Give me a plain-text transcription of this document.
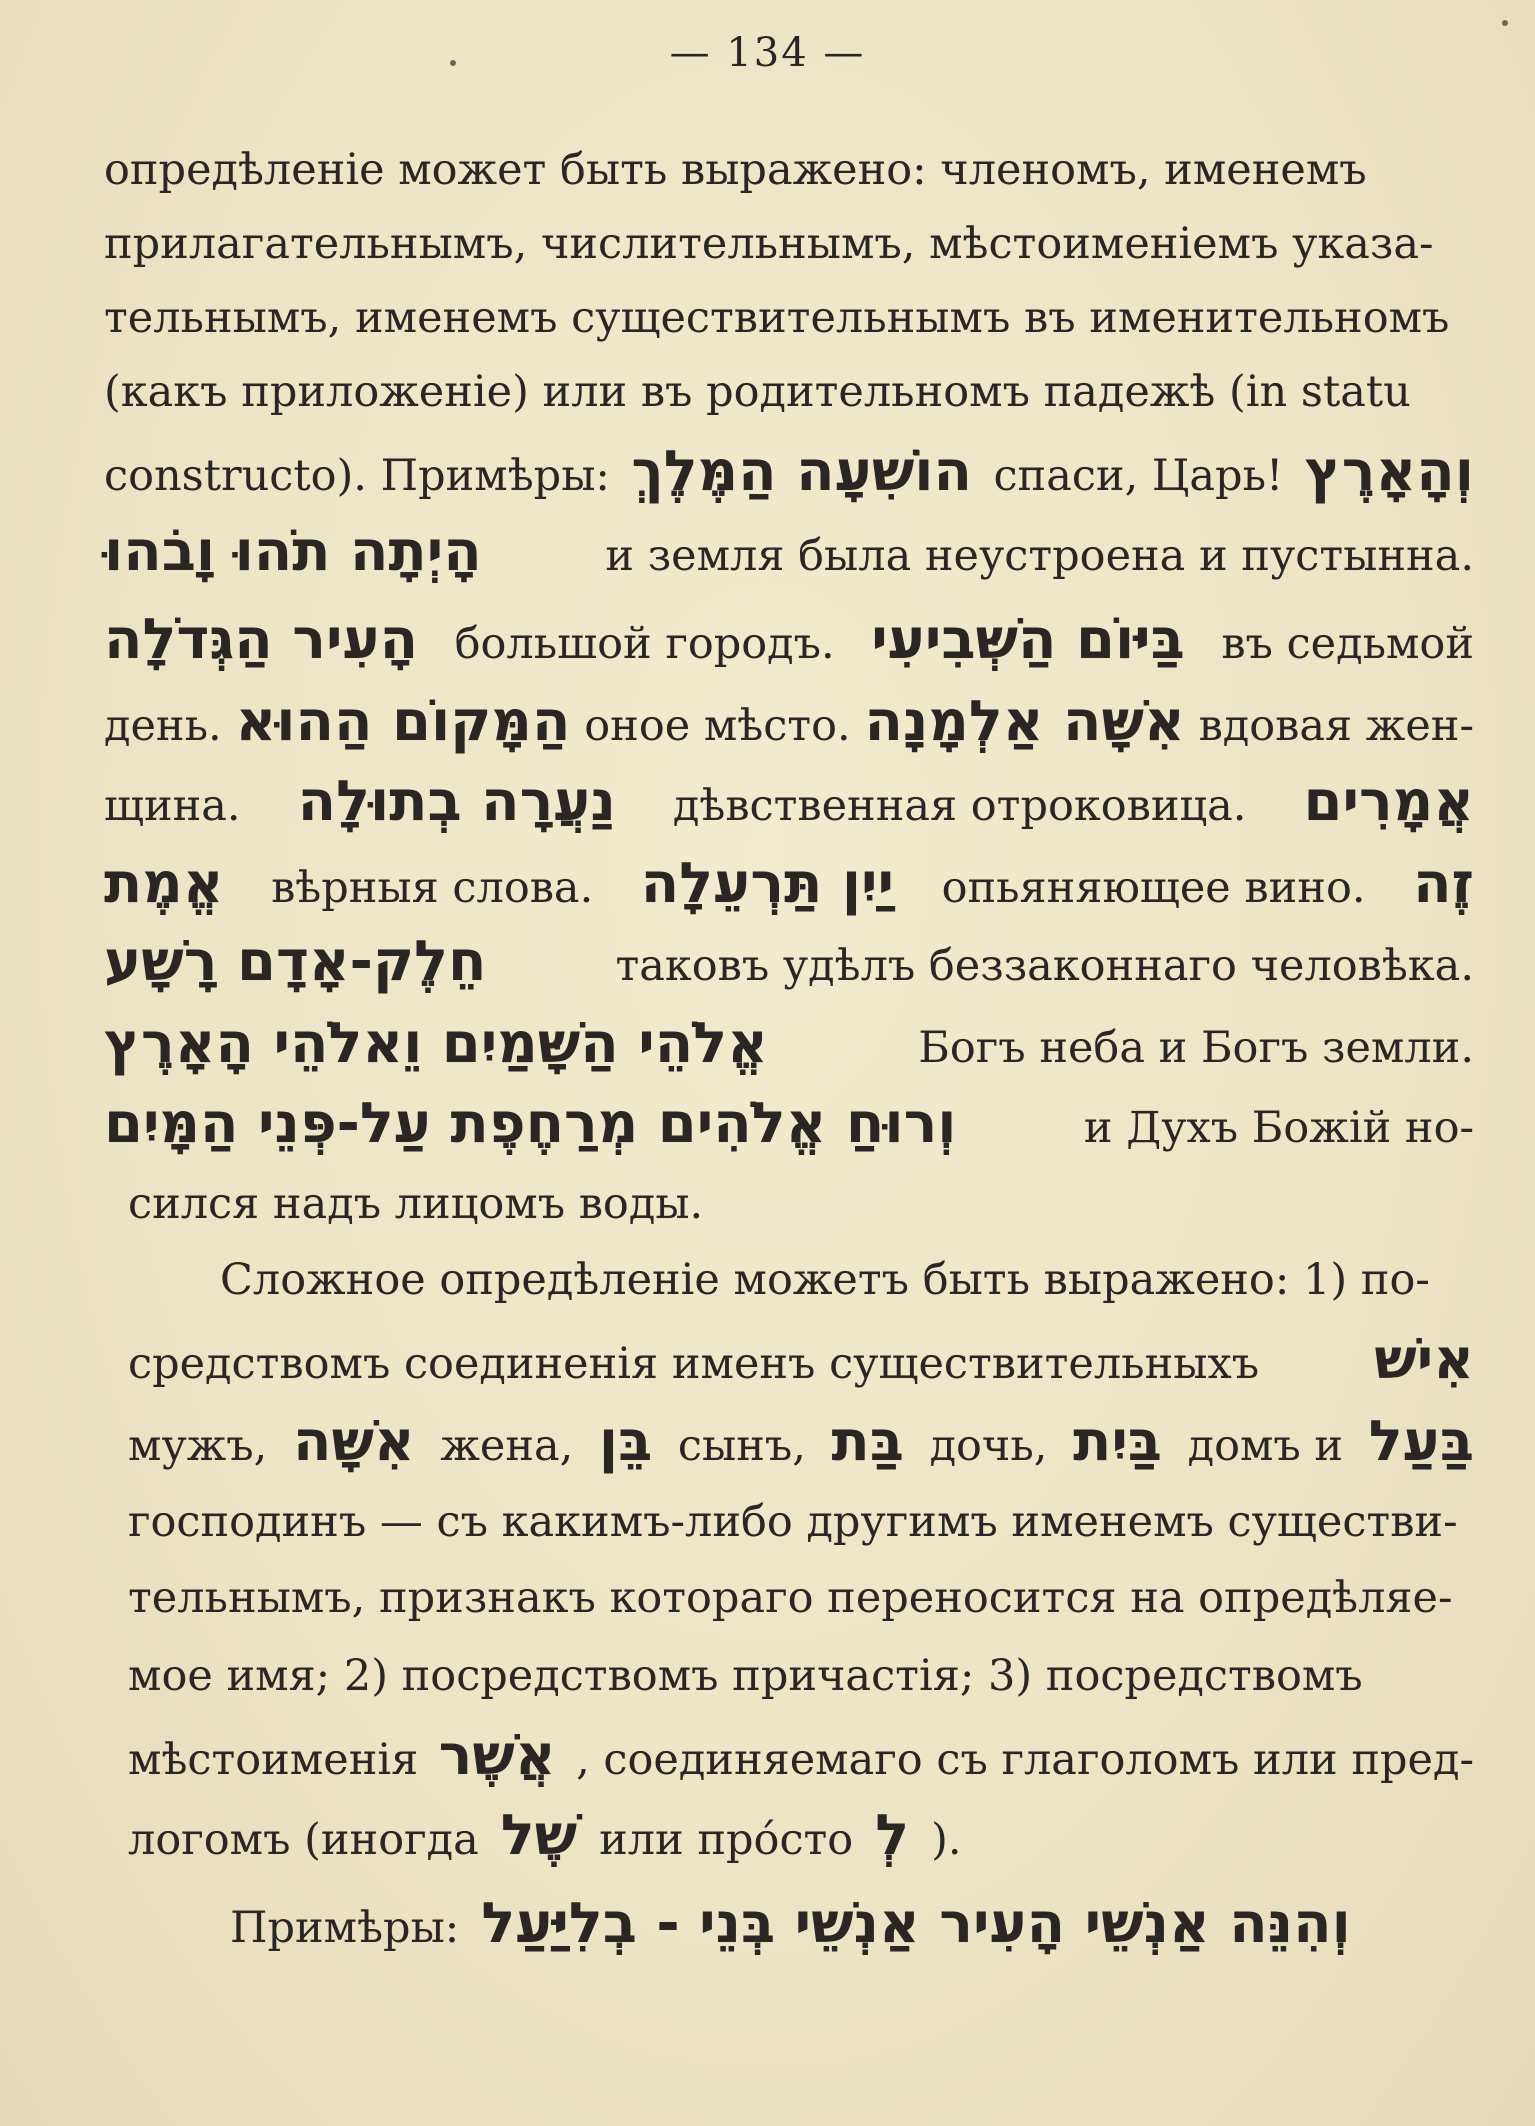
— 134 —
опредѣленіе может быть выражено: членомъ, именемъ
прилагательнымъ, числительнымъ, мѣстоименіемъ указа-
тельнымъ, именемъ существительнымъ въ именительномъ
(какъ приложеніе) или въ родительномъ падежѣ (in statu
constructo). Примѣры: הוֹשִׁעָה הַמֶּלֶךְ спаси, Царь! וְהָאָרֶץ
הָיְתָה תֹהוּ וָבֹהוּ	и земля была неустроена и пустынна.
הָעִיר הַגְּדֹלָה большой городъ. בַּיּוֹם הַשְּׁבִיעִי въ седьмой
день. הַמָּקוֹם הַהוּא оное мѣсто. אִשָּׁה אַלְמָנָה вдовая жен-
щина. נַעֲרָה בְתוּלָה дѣвственная отроковица. אֲמָרִים
אֱמֶת вѣрныя слова. יַיִן תַּרְעֵלָה опьяняющее вино. זֶה
חֵלֶק-אָדָם רָשָׁע	таковъ удѣлъ беззаконнаго человѣка.
אֱלֹהֵי הַשָּׁמַיִם וֵאלֹהֵי הָאָרֶץ	Богъ неба и Богъ земли.
וְרוּחַ אֱלֹהִים מְרַחֶפֶת עַל-פְּנֵי הַמָּיִם	и Духъ Божій но-
сился надъ лицомъ воды.
Сложное опредѣленіе можетъ быть выражено: 1) по-
средствомъ соединенія именъ существительныхъ אִישׁ
мужъ, אִשָּׁה жена, בֵּן сынъ, בַּת дочь, בַּיִת домъ и בַּעַל
господинъ — съ какимъ-либо другимъ именемъ существи-
тельнымъ, признакъ котораго переносится на опредѣляе-
мое имя; 2) посредствомъ причастія; 3) посредствомъ
мѣстоименія אֲשֶׁר , соединяемаго съ глаголомъ или пред-
логомъ (иногда שֶׁל или про́сто לְ ).
Примѣры: וְהִנֵּה אַנְשֵׁי הָעִיר אַנְשֵׁי בְּנֵי - בְלִיַּעַל
